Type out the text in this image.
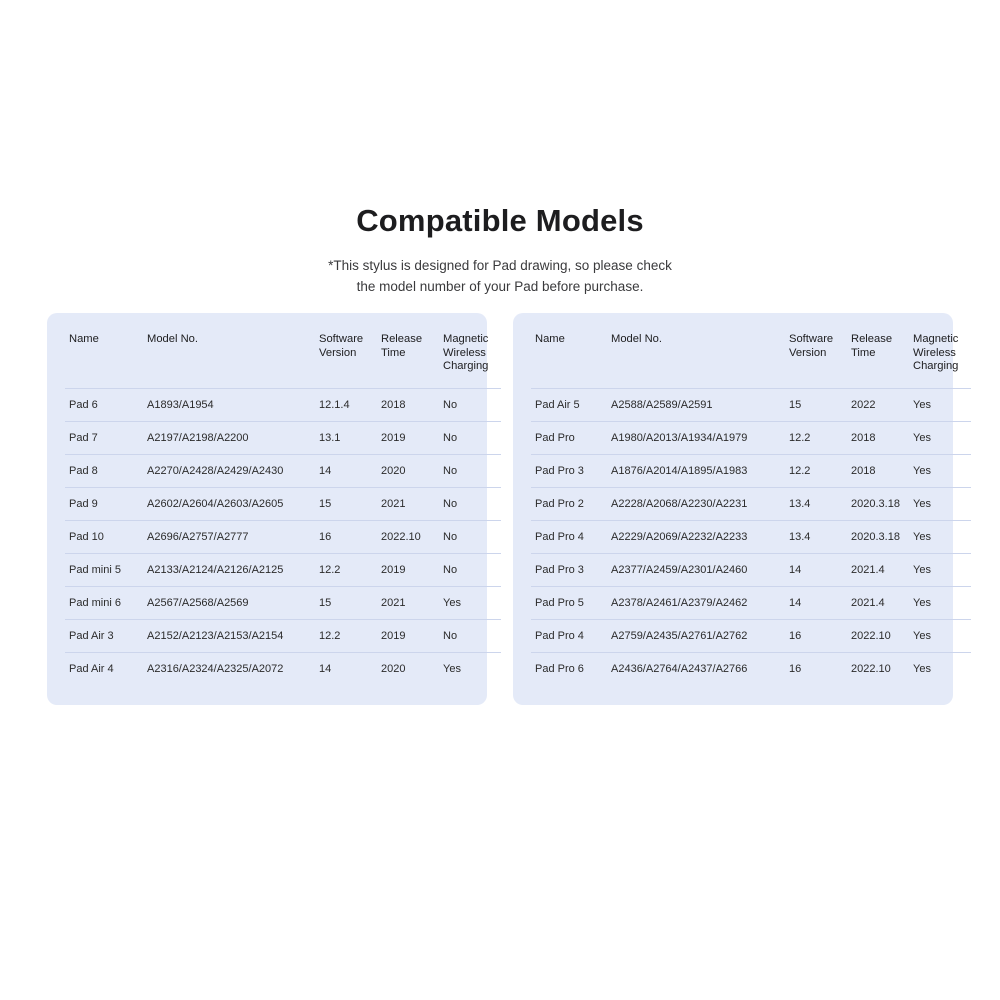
Compatible Models
*This stylus is designed for Pad drawing, so please check
the model number of your Pad before purchase.
Name	Model No.	Software Version	Release Time	Magnetic Wireless Charging
Pad 6	A1893/A1954	12.1.4	2018	No
Pad 7	A2197/A2198/A2200	13.1	2019	No
Pad 8	A2270/A2428/A2429/A2430	14	2020	No
Pad 9	A2602/A2604/A2603/A2605	15	2021	No
Pad 10	A2696/A2757/A2777	16	2022.10	No
Pad mini 5	A2133/A2124/A2126/A2125	12.2	2019	No
Pad mini 6	A2567/A2568/A2569	15	2021	Yes
Pad Air 3	A2152/A2123/A2153/A2154	12.2	2019	No
Pad Air 4	A2316/A2324/A2325/A2072	14	2020	Yes
Name	Model No.	Software Version	Release Time	Magnetic Wireless Charging
Pad Air 5	A2588/A2589/A2591	15	2022	Yes
Pad Pro	A1980/A2013/A1934/A1979	12.2	2018	Yes
Pad Pro 3	A1876/A2014/A1895/A1983	12.2	2018	Yes
Pad Pro 2	A2228/A2068/A2230/A2231	13.4	2020.3.18	Yes
Pad Pro 4	A2229/A2069/A2232/A2233	13.4	2020.3.18	Yes
Pad Pro 3	A2377/A2459/A2301/A2460	14	2021.4	Yes
Pad Pro 5	A2378/A2461/A2379/A2462	14	2021.4	Yes
Pad Pro 4	A2759/A2435/A2761/A2762	16	2022.10	Yes
Pad Pro 6	A2436/A2764/A2437/A2766	16	2022.10	Yes
